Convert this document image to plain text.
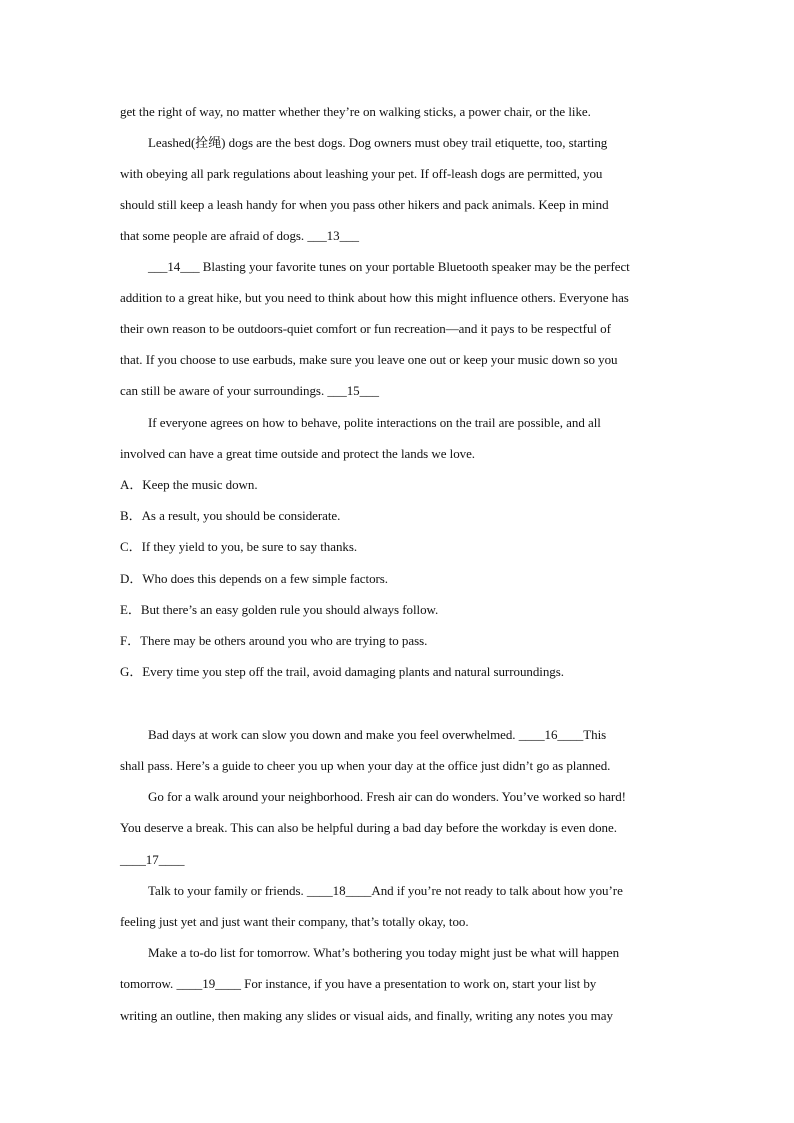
get the right of way, no matter whether they’re on walking sticks, a power chair, or the like.
Leashed(拴绳) dogs are the best dogs. Dog owners must obey trail etiquette, too, starting
with obeying all park regulations about leashing your pet. If off-leash dogs are permitted, you
should still keep a leash handy for when you pass other hikers and pack animals. Keep in mind
that some people are afraid of dogs. ___13___
___14___ Blasting your favorite tunes on your portable Bluetooth speaker may be the perfect
addition to a great hike, but you need to think about how this might influence others. Everyone has
their own reason to be outdoors-quiet comfort or fun recreation—and it pays to be respectful of
that. If you choose to use earbuds, make sure you leave one out or keep your music down so you
can still be aware of your surroundings. ___15___
If everyone agrees on how to behave, polite interactions on the trail are possible, and all
involved can have a great time outside and protect the lands we love.
A．Keep the music down.
B．As a result, you should be considerate.
C．If they yield to you, be sure to say thanks.
D．Who does this depends on a few simple factors.
E．But there’s an easy golden rule you should always follow.
F．There may be others around you who are trying to pass.
G．Every time you step off the trail, avoid damaging plants and natural surroundings.
Bad days at work can slow you down and make you feel overwhelmed. ____16____This
shall pass. Here’s a guide to cheer you up when your day at the office just didn’t go as planned.
Go for a walk around your neighborhood. Fresh air can do wonders. You’ve worked so hard!
You deserve a break. This can also be helpful during a bad day before the workday is even done.
____17____
Talk to your family or friends. ____18____And if you’re not ready to talk about how you’re
feeling just yet and just want their company, that’s totally okay, too.
Make a to-do list for tomorrow. What’s bothering you today might just be what will happen
tomorrow. ____19____ For instance, if you have a presentation to work on, start your list by
writing an outline, then making any slides or visual aids, and finally, writing any notes you may
